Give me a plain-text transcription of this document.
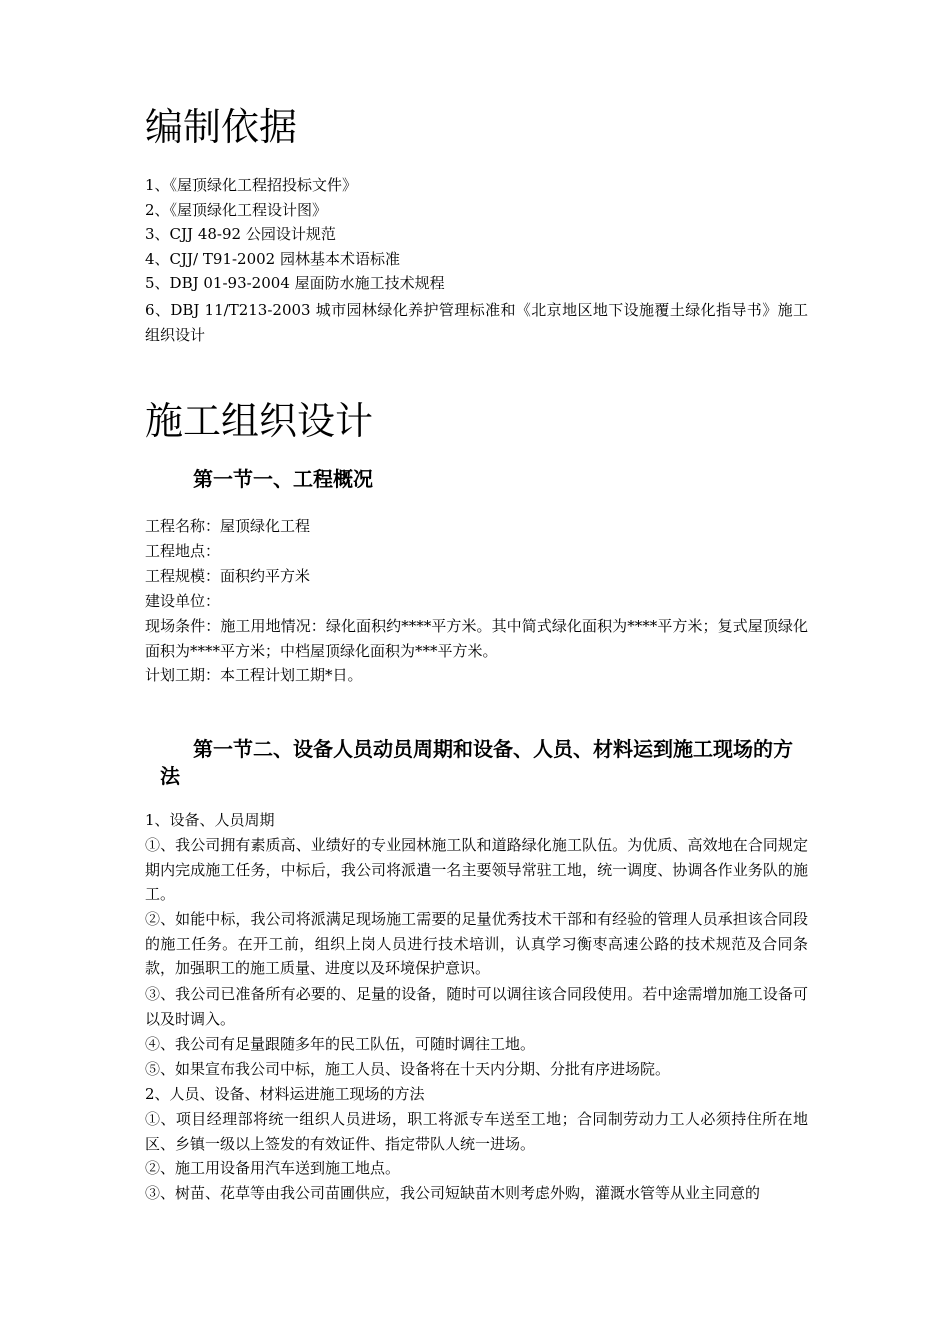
编制依据

1、《屋顶绿化工程招投标文件》

2、《屋顶绿化工程设计图》

3、CJJ 48-92 公园设计规范

4、CJJ/ T91-2002 园林基本术语标准

5、DBJ 01-93-2004 屋面防水施工技术规程

6、DBJ 11/T213-2003 城市园林绿化养护管理标准和《北京地区地下设施覆土绿化指导书》施工组织设计

施工组织设计
第一节一、工程概况

工程名称：屋顶绿化工程

工程地点：

工程规模：面积约平方米

建设单位：

现场条件：施工用地情况：绿化面积约****平方米。其中简式绿化面积为****平方米；复式屋顶绿化面积为****平方米；中档屋顶绿化面积为***平方米。

计划工期：本工程计划工期*日。

第一节二、设备人员动员周期和设备、人员、材料运到施工现场的方法

1、设备、人员周期

①、我公司拥有素质高、业绩好的专业园林施工队和道路绿化施工队伍。为优质、高效地在合同规定期内完成施工任务，中标后，我公司将派遣一名主要领导常驻工地，统一调度、协调各作业务队的施工。

②、如能中标，我公司将派满足现场施工需要的足量优秀技术干部和有经验的管理人员承担该合同段的施工任务。在开工前，组织上岗人员进行技术培训，认真学习衡枣高速公路的技术规范及合同条款，加强职工的施工质量、进度以及环境保护意识。

③、我公司已准备所有必要的、足量的设备，随时可以调往该合同段使用。若中途需增加施工设备可以及时调入。

④、我公司有足量跟随多年的民工队伍，可随时调往工地。

⑤、如果宣布我公司中标，施工人员、设备将在十天内分期、分批有序进场院。

2、人员、设备、材料运进施工现场的方法

①、项目经理部将统一组织人员进场，职工将派专车送至工地；合同制劳动力工人必须持住所在地区、乡镇一级以上签发的有效证件、指定带队人统一进场。

②、施工用设备用汽车送到施工地点。

③、树苗、花草等由我公司苗圃供应，我公司短缺苗木则考虑外购，灌溉水管等从业主同意的
